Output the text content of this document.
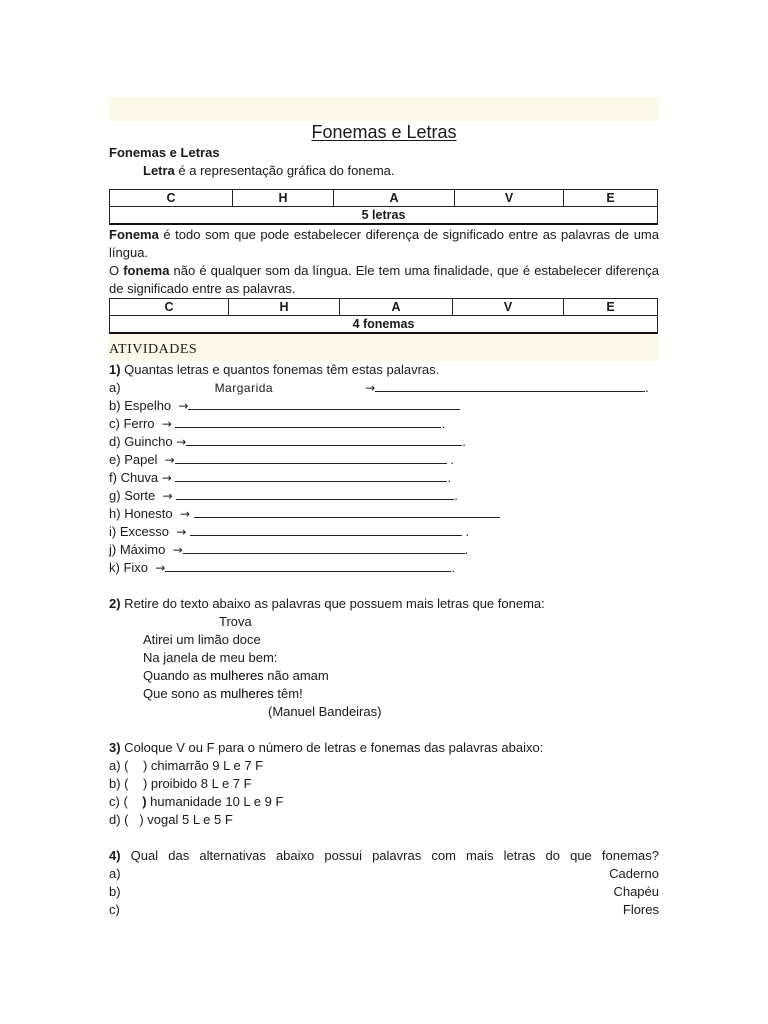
Fonemas e Letras
Fonemas e Letras
Letra é a representação gráfica do fonema.
C	H	A	V	E
5 letras
Fonema é todo som que pode estabelecer diferença de significado entre as palavras de uma língua.
O fonema não é qualquer som da língua. Ele tem uma finalidade, que é estabelecer diferença de significado entre as palavras.
C	H	A	V	E
4 fonemas
ATIVIDADES
1) Quantas letras e quantos fonemas têm estas palavras.
a)	Margarida	→	.
b) Espelho →
c) Ferro →	.
d) Guincho →	.
e) Papel →	.
f) Chuva →	.
g) Sorte →	.
h) Honesto →
i) Excesso →	.
j) Máximo →	.
k) Fixo →	.
2) Retire do texto abaixo as palavras que possuem mais letras que fonema:
Trova
Atirei um limão doce
Na janela de meu bem:
Quando as mulheres não amam
Que sono as mulheres têm!
(Manuel Bandeiras)
3) Coloque V ou F para o número de letras e fonemas das palavras abaixo:
a) (    ) chimarrão 9 L e 7 F
b) (    ) proibido 8 L e 7 F
c) (    ) humanidade 10 L e 9 F
d) (   ) vogal 5 L e 5 F
4) Qual das alternativas abaixo possui palavras com mais letras do que fonemas?
a)	Caderno
b)	Chapéu
c)	Flores
